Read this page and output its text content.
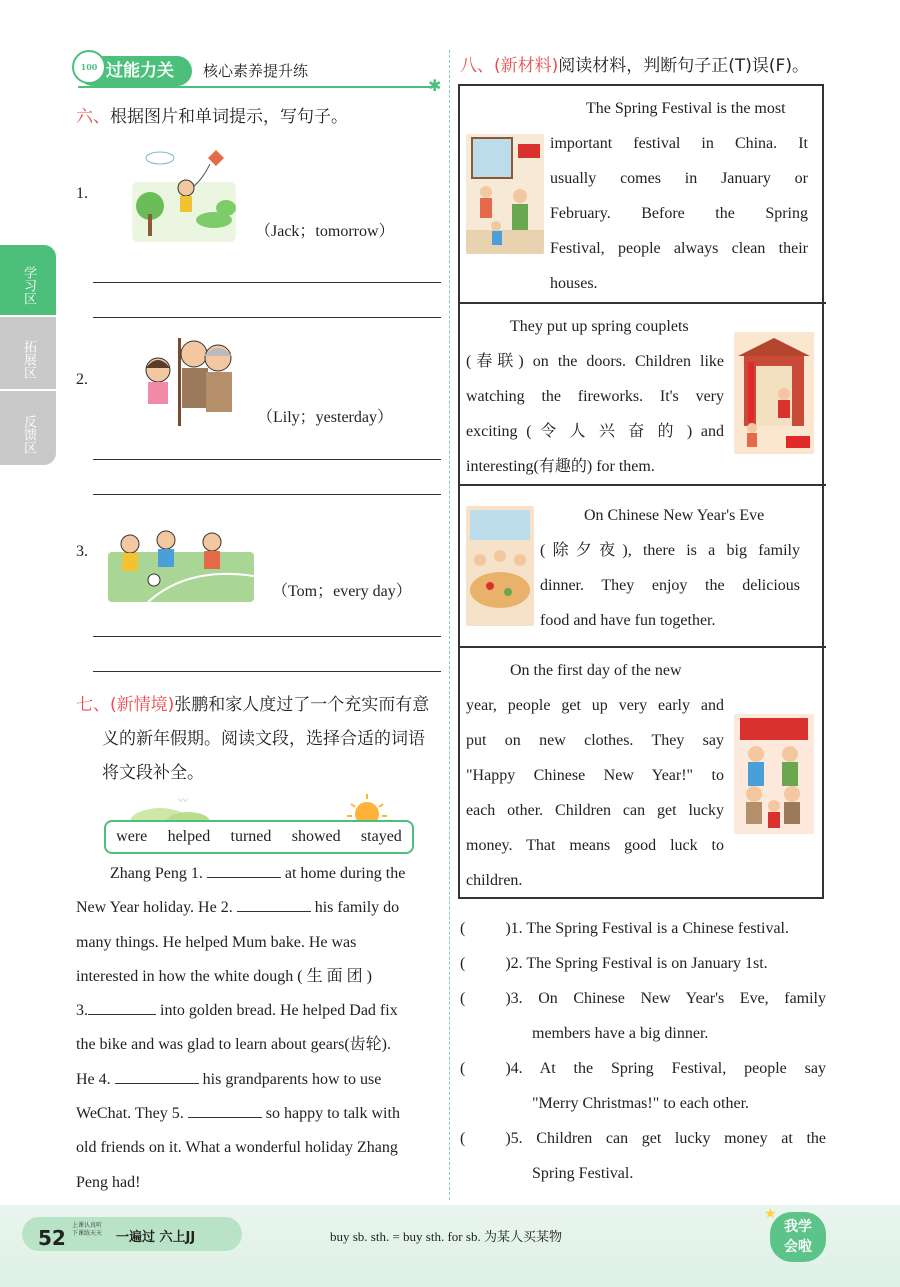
过能力关
100	核心素养提升练
✱
学习区
拓展区
反馈区
六、根据图片和单词提示，写句子。
1.
（Jack；tomorrow）
2.
（Lily；yesterday）
3.
（Tom；every day）
七、(新情境)张鹏和家人度过了一个充实而有意
义的新年假期。阅读文段，选择合适的词语
将文段补全。
〰
were helped turned showed stayed
Zhang Peng 1.	at home during the
New Year holiday. He 2.	his family do
many things. He helped Mum bake. He was
interested in how the white dough ( 生 面 团 )
3.	into golden bread. He helped Dad fix
the bike and was glad to learn about gears(齿轮).
He 4.	his grandparents how to use
WeChat. They 5.	so happy to talk with
old friends on it. What a wonderful holiday Zhang
Peng had!
八、(新材料)阅读材料，判断句子正(T)误(F)。
The Spring Festival is the most
important festival in China. It
usually comes in January or
February. Before the Spring
Festival, people always clean their
houses.
They put up spring couplets
(春联) on the doors. Children like
watching the fireworks. It's very
exciting ( 令 人 兴 奋 的 ) and
interesting(有趣的) for them.
On Chinese New Year's Eve
(除夕夜), there is a big family
dinner. They enjoy the delicious
food and have fun together.
On the first day of the new
year, people get up very early and
put on new clothes. They say
"Happy Chinese New Year!" to
each other. Children can get lucky
money. That means good luck to
children.
(	)1. The Spring Festival is a Chinese festival.
(	)2. The Spring Festival is on January 1st.
(	)3. On Chinese New Year's Eve, family
members have a big dinner.
(	)4. At the Spring Festival, people say
"Merry Christmas!" to each other.
(	)5. Children can get lucky money at the
Spring Festival.
52
上课认真听
下课练天天 一遍过 六上JJ	buy sb. sth. = buy sth. for sb. 为某人买某物
我学
会啦
★
